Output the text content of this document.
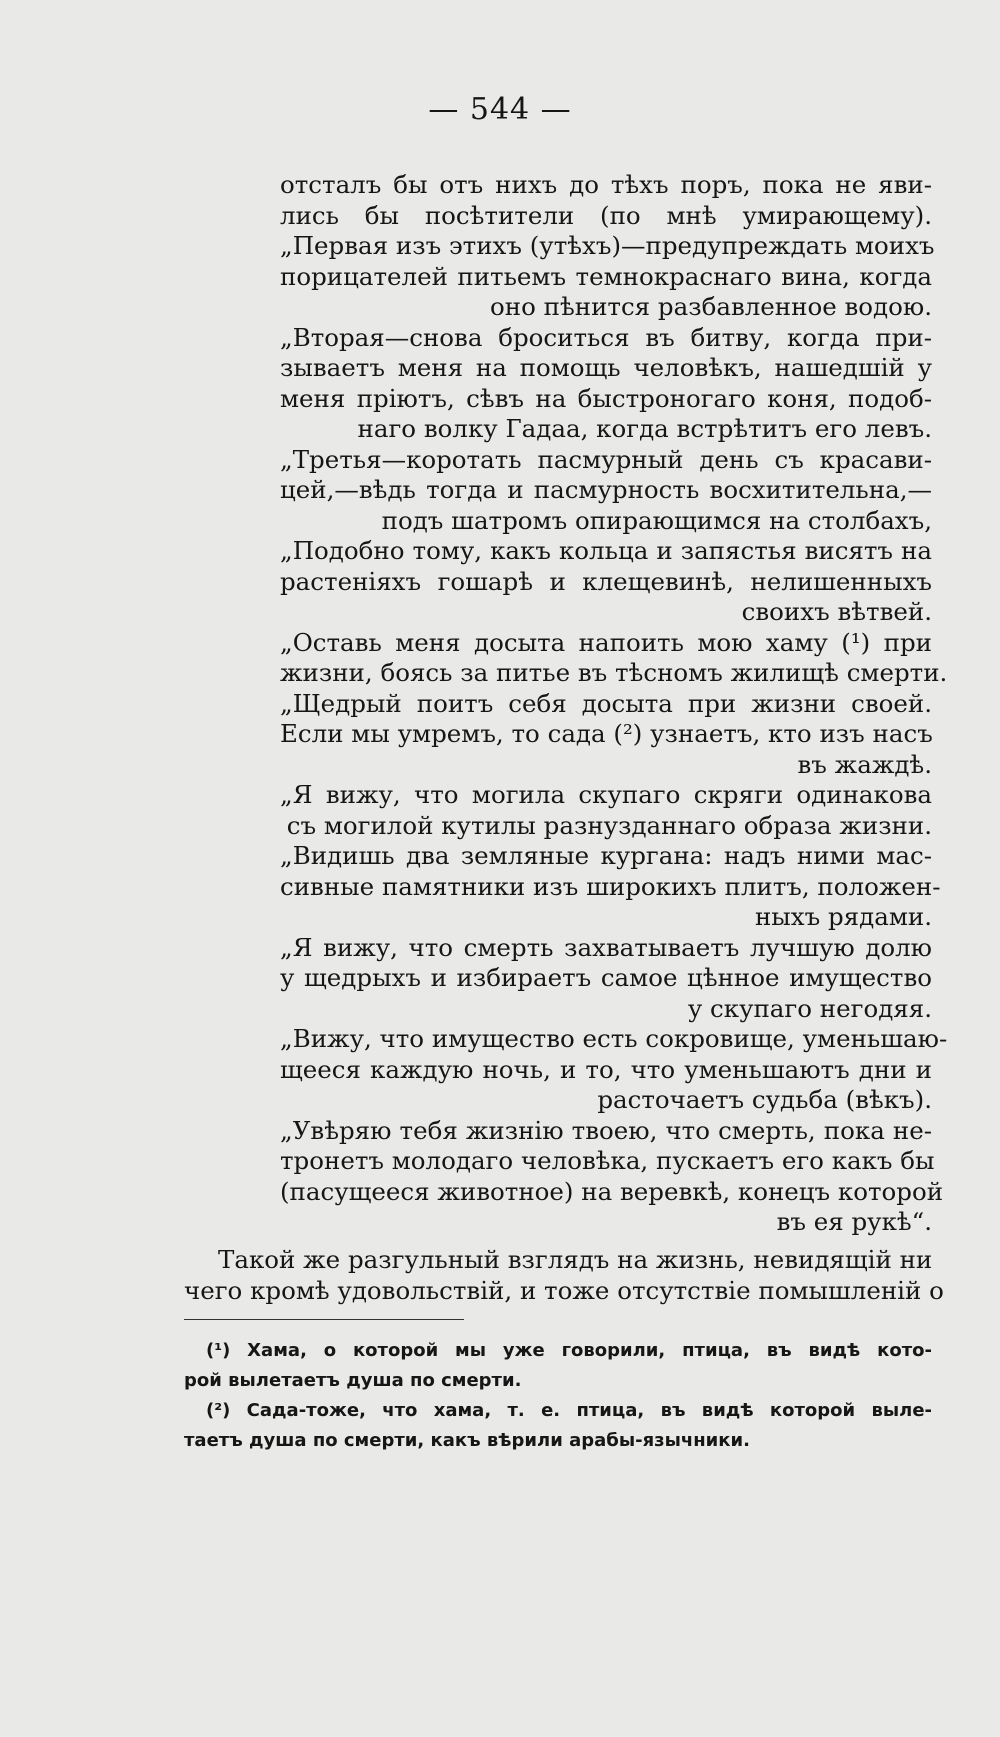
— 544 —
отсталъ бы отъ нихъ до тѣхъ поръ, пока не яви-
лись бы посѣтители (по мнѣ умирающему).
„Первая изъ этихъ (утѣхъ)—предупреждать моихъ
порицателей питьемъ темнокраснаго вина, когда
оно пѣнится разбавленное водою.
„Вторая—снова броситься въ битву, когда при-
зываетъ меня на помощь человѣкъ, нашедшій у
меня пріютъ, сѣвъ на быстроногаго коня, подоб-
наго волку Гадаа, когда встрѣтитъ его левъ.
„Третья—коротать пасмурный день съ красави-
цей,—вѣдь тогда и пасмурность восхитительна,—
подъ шатромъ опирающимся на столбахъ,
„Подобно тому, какъ кольца и запястья висятъ на
растеніяхъ гошарѣ и клещевинѣ, нелишенныхъ
своихъ вѣтвей.
„Оставь меня досыта напоить мою хаму (¹) при
жизни, боясь за питье въ тѣсномъ жилищѣ смерти.
„Щедрый поитъ себя досыта при жизни своей.
Если мы умремъ, то сада (²) узнаетъ, кто изъ насъ
въ жаждѣ.
„Я вижу, что могила скупаго скряги одинакова
съ могилой кутилы разнузданнаго образа жизни.
„Видишь два земляные кургана: надъ ними мас-
сивные памятники изъ широкихъ плитъ, положен-
ныхъ рядами.
„Я вижу, что смерть захватываетъ лучшую долю
у щедрыхъ и избираетъ самое цѣнное имущество
у скупаго негодяя.
„Вижу, что имущество есть сокровище, уменьшаю-
щееся каждую ночь, и то, что уменьшаютъ дни и
расточаетъ судьба (вѣкъ).
„Увѣряю тебя жизнію твоею, что смерть, пока не-
тронетъ молодаго человѣка, пускаетъ его какъ бы
(пасущееся животное) на веревкѣ, конецъ которой
въ ея рукѣ“.
Такой же разгульный взглядъ на жизнь, невидящій ни
чего кромѣ удовольствій, и тоже отсутствіе помышленій о
(¹) Хама, о которой мы уже говорили, птица, въ видѣ кото-
рой вылетаетъ душа по смерти.
(²) Сада-тоже, что хама, т. е. птица, въ видѣ которой выле-
таетъ душа по смерти, какъ вѣрили арабы-язычники.
